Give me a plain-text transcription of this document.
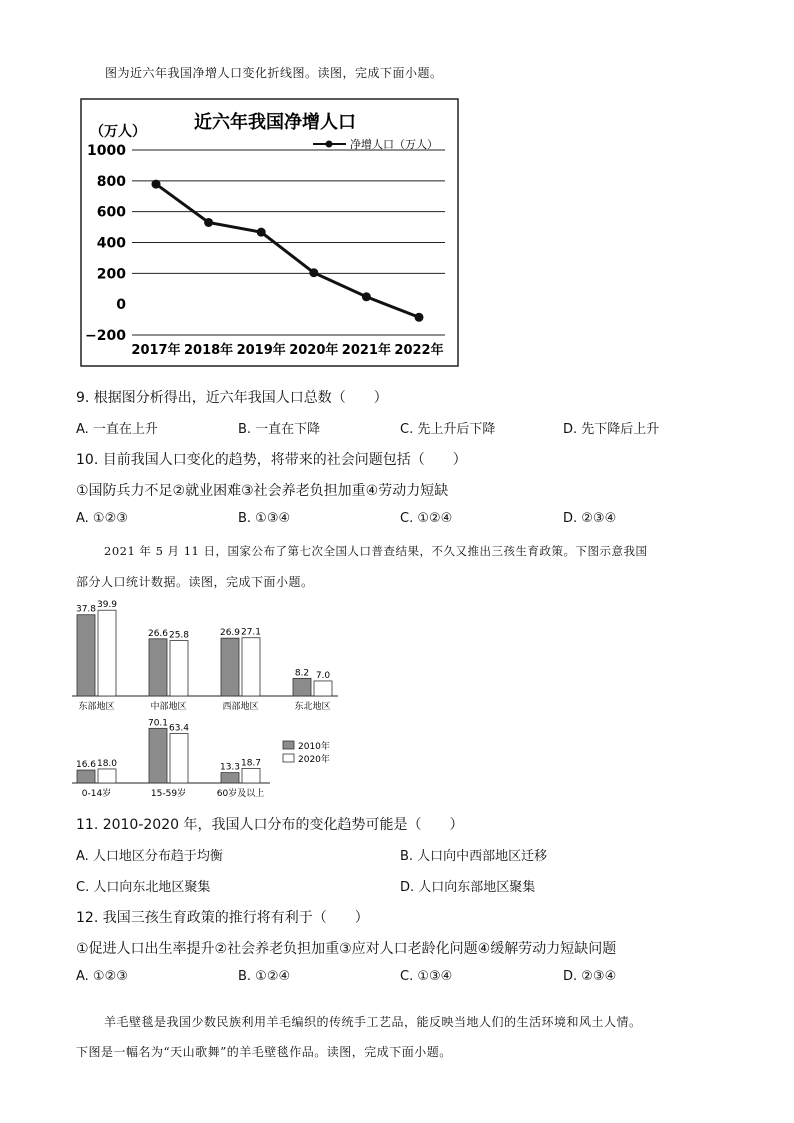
图为近六年我国净增人口变化折线图。读图，完成下面小题。
近六年我国净增人口
（万人）
净增人口（万人）
1000
800
600
400
200
0
−200
2017年 2018年 2019年 2020年 2021年 2022年
9. 根据图分析得出，近六年我国人口总数（　　）
A. 一直在上升	B. 一直在下降	C. 先上升后下降	D. 先下降后上升
10. 目前我国人口变化的趋势，将带来的社会问题包括（　　）
①国防兵力不足②就业困难③社会养老负担加重④劳动力短缺
A. ①②③	B. ①③④	C. ①②④	D. ②③④
2021 年 5 月 11 日，国家公布了第七次全国人口普查结果，不久又推出三孩生育政策。下图示意我国
部分人口统计数据。读图，完成下面小题。
37.8 39.9
东部地区
26.6 25.8
中部地区
26.9 27.1
西部地区
8.2 7.0
东北地区
16.6 18.0
0-14岁
70.1
63.4
15-59岁
13.3 18.7
60岁及以上
2010年
2020年
11. 2010-2020 年，我国人口分布的变化趋势可能是（　　）
A. 人口地区分布趋于均衡	B. 人口向中西部地区迁移
C. 人口向东北地区聚集	D. 人口向东部地区聚集
12. 我国三孩生育政策的推行将有利于（　　）
①促进人口出生率提升②社会养老负担加重③应对人口老龄化问题④缓解劳动力短缺问题
A. ①②③	B. ①②④	C. ①③④	D. ②③④
羊毛壁毯是我国少数民族利用羊毛编织的传统手工艺品，能反映当地人们的生活环境和风土人情。
下图是一幅名为“天山歌舞”的羊毛壁毯作品。读图，完成下面小题。
